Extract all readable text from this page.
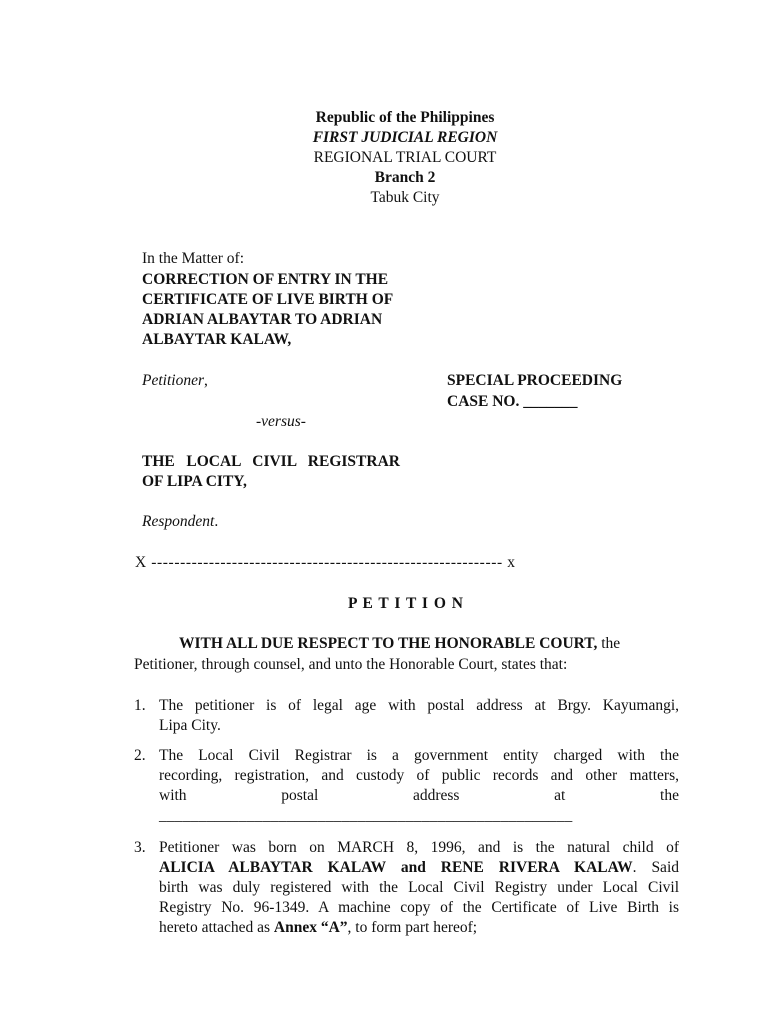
Republic of the Philippines
FIRST JUDICIAL REGION
REGIONAL TRIAL COURT
Branch 2
Tabuk City
In the Matter of:
CORRECTION OF ENTRY IN THE
CERTIFICATE OF LIVE BIRTH OF
ADRIAN ALBAYTAR TO ADRIAN
ALBAYTAR KALAW,
Petitioner,	SPECIAL PROCEEDING
CASE NO. _______
-versus-
THE   LOCAL   CIVIL   REGISTRAR
OF LIPA CITY,
Respondent.
X ------------------------------------------------------------- x
P E T I T I O N
WITH ALL DUE RESPECT TO THE HONORABLE COURT, the
Petitioner, through counsel, and unto the Honorable Court, states that:
1. The petitioner is of legal age with postal address at Brgy. Kayumangi,
Lipa City.
2. The Local Civil Registrar is a government entity charged with the
recording, registration, and custody of public records and other matters,
with postal address at the
____________________________________________________
3. Petitioner was born on MARCH 8, 1996, and is the natural child of
ALICIA ALBAYTAR KALAW and RENE RIVERA KALAW. Said
birth was duly registered with the Local Civil Registry under Local Civil
Registry No. 96-1349. A machine copy of the Certificate of Live Birth is
hereto attached as Annex “A”, to form part hereof;
